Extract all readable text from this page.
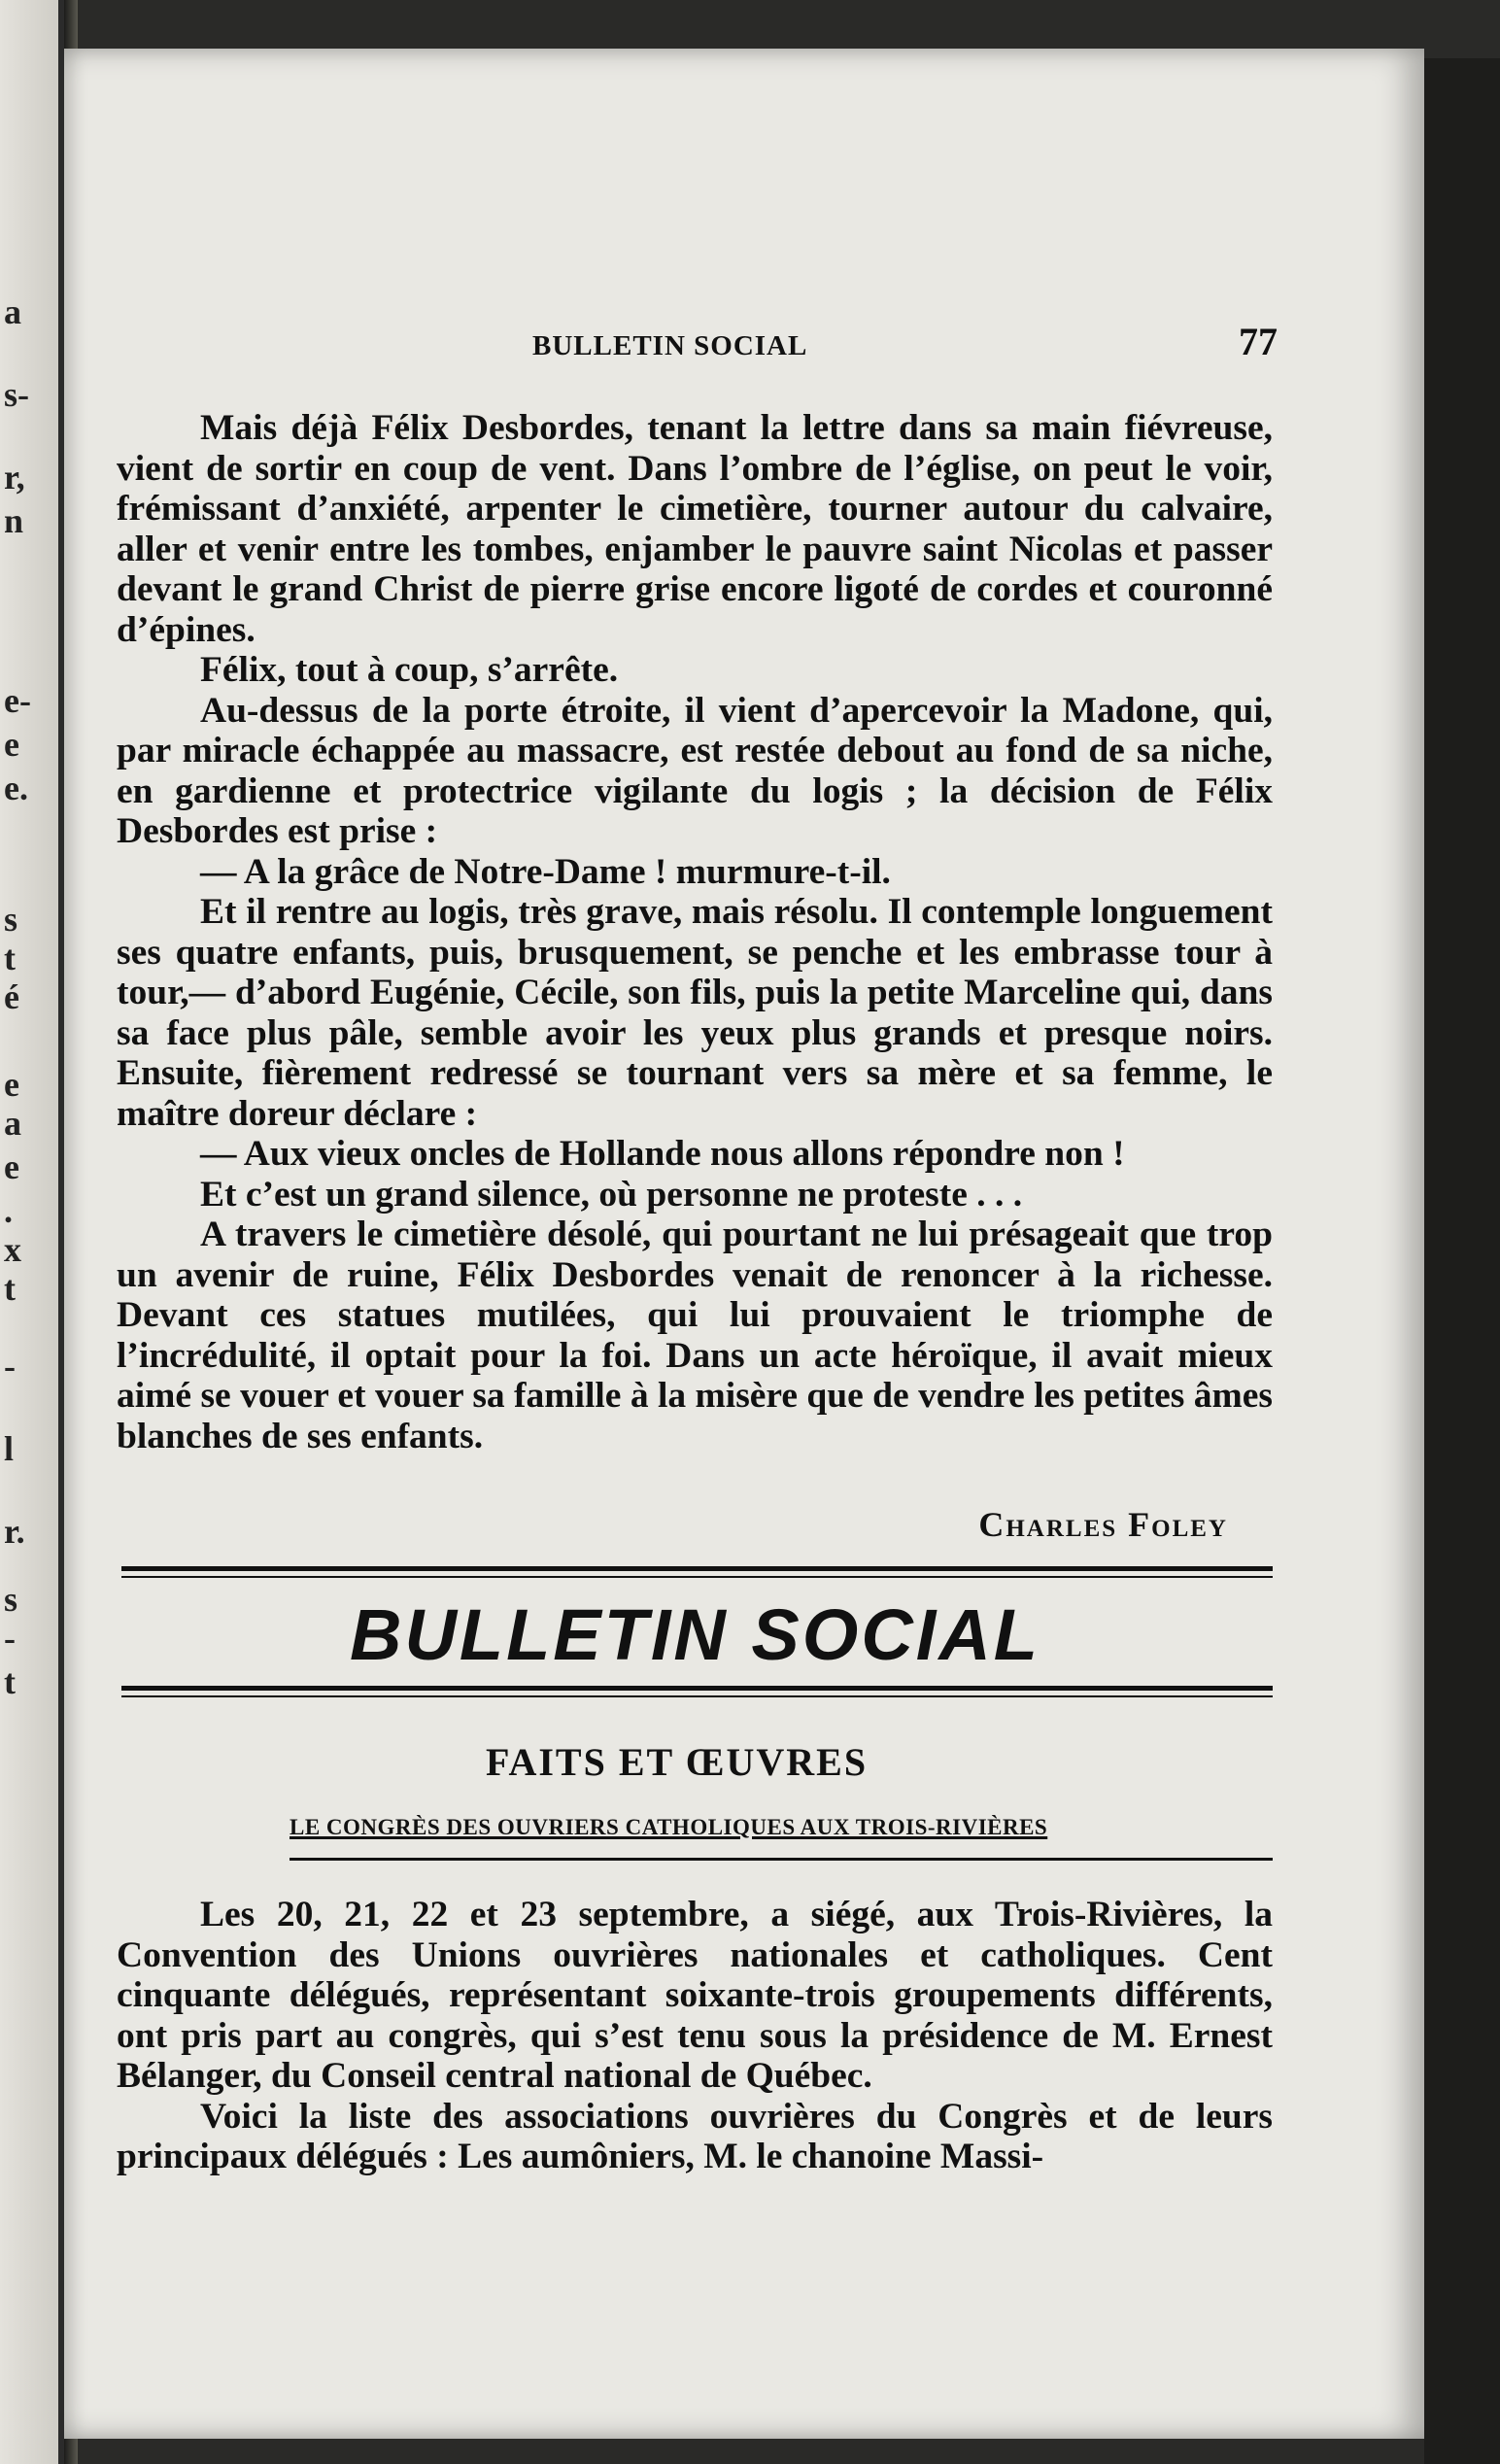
a
s-
r,
n
e-
e
e.
s
t
é
e
a
e
.
x
t
-
l
r.
s
-
t
BULLETIN SOCIAL	77

Mais déjà Félix Desbordes, tenant la lettre dans sa main fiévreuse, vient de sortir en coup de vent. Dans l’ombre de l’église, on peut le voir, frémissant d’anxiété, arpenter le cimetière, tourner autour du calvaire, aller et venir entre les tombes, enjamber le pauvre saint Nicolas et passer devant le grand Christ de pierre grise encore ligoté de cordes et couronné d’épines.

Félix, tout à coup, s’arrête.

Au-dessus de la porte étroite, il vient d’apercevoir la Madone, qui, par miracle échappée au massacre, est restée debout au fond de sa niche, en gardienne et protectrice vigilante du logis ; la décision de Félix Desbordes est prise :

— A la grâce de Notre-Dame ! murmure-t-il.

Et il rentre au logis, très grave, mais résolu. Il contemple longuement ses quatre enfants, puis, brusquement, se penche et les embrasse tour à tour,— d’abord Eugénie, Cécile, son fils, puis la petite Marceline qui, dans sa face plus pâle, semble avoir les yeux plus grands et presque noirs. Ensuite, fièrement redressé se tournant vers sa mère et sa femme, le maître doreur déclare :

— Aux vieux oncles de Hollande nous allons répondre non !

Et c’est un grand silence, où personne ne proteste . . .

A travers le cimetière désolé, qui pourtant ne lui présageait que trop un avenir de ruine, Félix Desbordes venait de renoncer à la richesse. Devant ces statues mutilées, qui lui prouvaient le triomphe de l’incrédulité, il optait pour la foi. Dans un acte héroïque, il avait mieux aimé se vouer et vouer sa famille à la misère que de vendre les petites âmes blanches de ses enfants.

Charles Foley
BULLETIN SOCIAL
FAITS ET ŒUVRES
LE CONGRÈS DES OUVRIERS CATHOLIQUES AUX TROIS-RIVIÈRES

Les 20, 21, 22 et 23 septembre, a siégé, aux Trois-Rivières, la Convention des Unions ouvrières nationales et catholiques. Cent cinquante délégués, représentant soixante-trois groupements différents, ont pris part au congrès, qui s’est tenu sous la présidence de M. Ernest Bélanger, du Conseil central national de Québec.

Voici la liste des associations ouvrières du Congrès et de leurs principaux délégués : Les aumôniers, M. le chanoine Massi-
